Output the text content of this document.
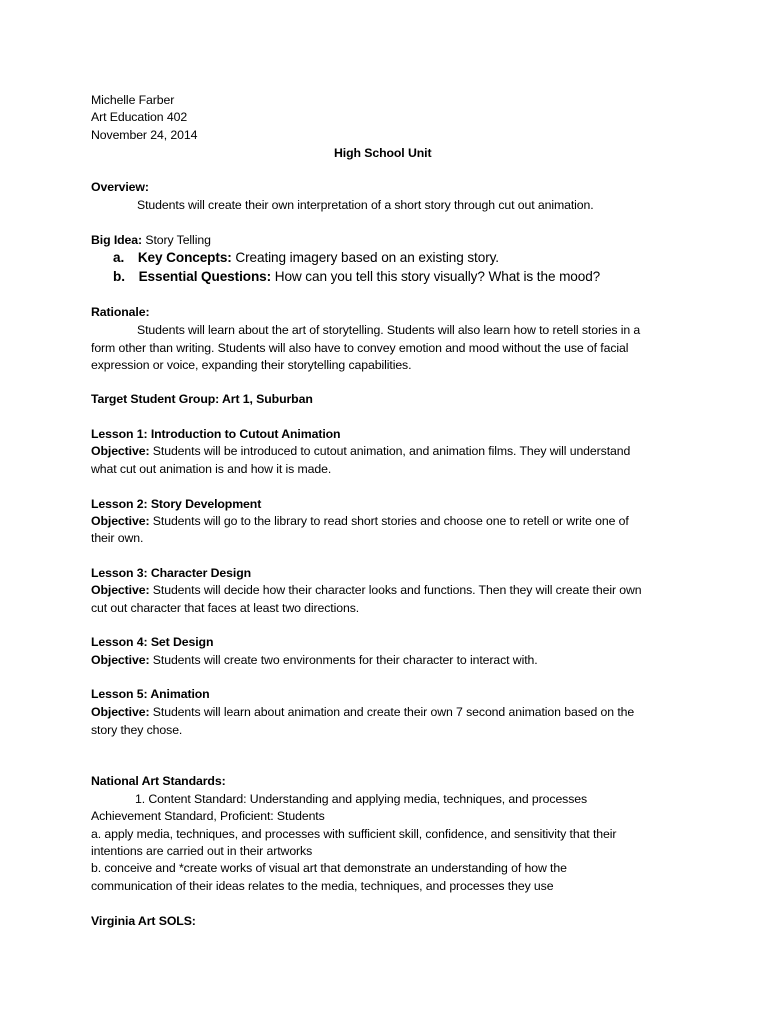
Michelle Farber
Art Education 402
November 24, 2014
High School Unit
Overview:
Students will create their own interpretation of a short story through cut out animation.
Big Idea: Story Telling
a. Key Concepts: Creating imagery based on an existing story.
b. Essential Questions: How can you tell this story visually? What is the mood?
Rationale:
Students will learn about the art of storytelling. Students will also learn how to retell stories in a
form other than writing. Students will also have to convey emotion and mood without the use of facial
expression or voice, expanding their storytelling capabilities.
Target Student Group: Art 1, Suburban
Lesson 1: Introduction to Cutout Animation
Objective: Students will be introduced to cutout animation, and animation films. They will understand
what cut out animation is and how it is made.
Lesson 2: Story Development
Objective: Students will go to the library to read short stories and choose one to retell or write one of
their own.
Lesson 3: Character Design
Objective: Students will decide how their character looks and functions. Then they will create their own
cut out character that faces at least two directions.
Lesson 4: Set Design
Objective: Students will create two environments for their character to interact with.
Lesson 5: Animation
Objective: Students will learn about animation and create their own 7 second animation based on the
story they chose.
National Art Standards:
1. Content Standard: Understanding and applying media, techniques, and processes
Achievement Standard, Proficient: Students
a. apply media, techniques, and processes with sufficient skill, confidence, and sensitivity that their
intentions are carried out in their artworks
b. conceive and *create works of visual art that demonstrate an understanding of how the
communication of their ideas relates to the media, techniques, and processes they use
Virginia Art SOLS:
